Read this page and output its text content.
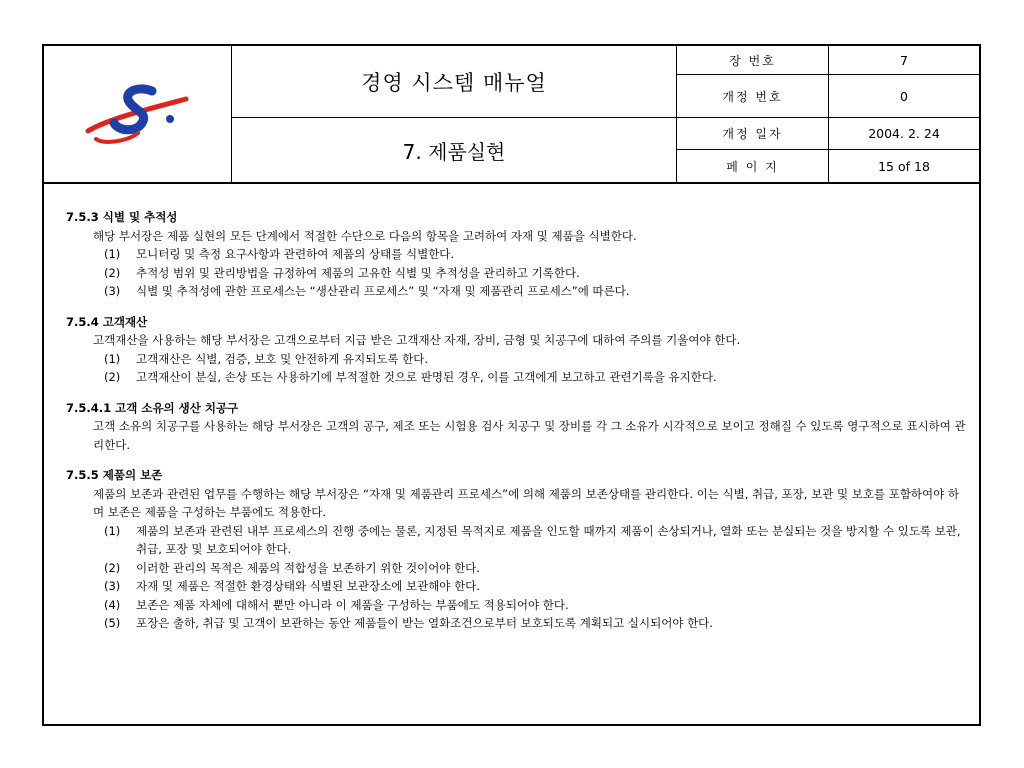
경영 시스템 매뉴얼
7. 제품실현
장 번호	7
개정 번호	0
개정 일자	2004. 2. 24
페 이 지	15 of 18
7.5.3 식별 및 추적성
해당 부서장은 제품 실현의 모든 단계에서 적절한 수단으로 다음의 항목을 고려하여 자재 및 제품을 식별한다.
(1)	모니터링 및 측정 요구사항과 관련하여 제품의 상태를 식별한다.
(2)	추적성 범위 및 관리방법을 규정하여 제품의 고유한 식별 및 추적성을 관리하고 기록한다.
(3)	식별 및 추적성에 관한 프로세스는 “생산관리 프로세스” 및 “자재 및 제품관리 프로세스”에 따른다.
7.5.4 고객재산
고객재산을 사용하는 해당 부서장은 고객으로부터 지급 받은 고객재산 자재, 장비, 금형 및 치공구에 대하여 주의를 기울여야 한다.
(1)	고객재산은 식별, 검증, 보호 및 안전하게 유지되도록 한다.
(2)	고객재산이 분실, 손상 또는 사용하기에 부적절한 것으로 판명된 경우, 이를 고객에게 보고하고 관련기록을 유지한다.
7.5.4.1 고객 소유의 생산 치공구
고객 소유의 치공구를 사용하는 해당 부서장은 고객의 공구, 제조 또는 시험용 검사 치공구 및 장비를 각 그 소유가 시각적으로 보이고 정해질 수 있도록 영구적으로 표시하여 관리한다.
7.5.5 제품의 보존
제품의 보존과 관련된 업무를 수행하는 해당 부서장은 “자재 및 제품관리 프로세스”에 의해 제품의 보존상태를 관리한다. 이는 식별, 취급, 포장, 보관 및 보호를 포함하여야 하며 보존은 제품을 구성하는 부품에도 적용한다.
(1)	제품의 보존과 관련된 내부 프로세스의 진행 중에는 물론, 지정된 목적지로 제품을 인도할 때까지 제품이 손상되거나, 열화 또는 분실되는 것을 방지할 수 있도록 보관, 취급, 포장 및 보호되어야 한다.
(2)	이러한 관리의 목적은 제품의 적합성을 보존하기 위한 것이어야 한다.
(3)	자재 및 제품은 적절한 환경상태와 식별된 보관장소에 보관해야 한다.
(4)	보존은 제품 자체에 대해서 뿐만 아니라 이 제품을 구성하는 부품에도 적용되어야 한다.
(5)	포장은 출하, 취급 및 고객이 보관하는 동안 제품들이 받는 열화조건으로부터 보호되도록 계획되고 실시되어야 한다.
